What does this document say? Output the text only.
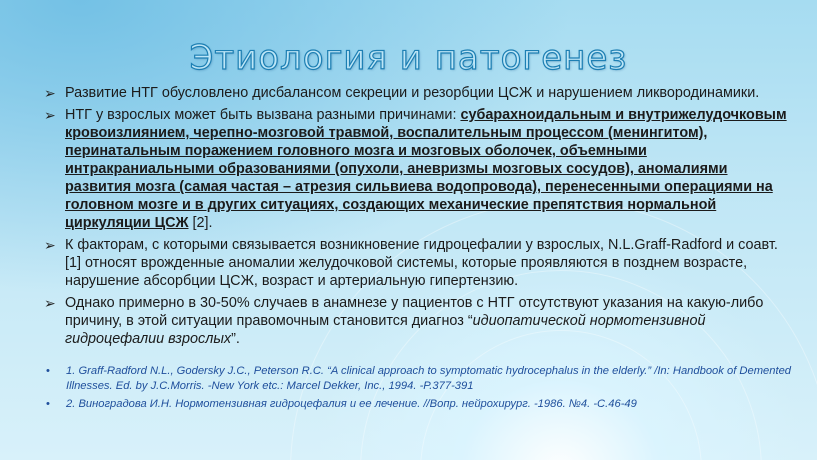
Этиология и патогенез
➢ Развитие НТГ обусловлено дисбалансом секреции и резорбции ЦСЖ и нарушением ликвородинамики.
➢ НТГ у взрослых может быть вызвана разными причинами: субарахноидальным и внутрижелудочковым кровоизлиянием, черепно-мозговой травмой, воспалительным процессом (менингитом), перинатальным поражением головного мозга и мозговых оболочек, объемными интракраниальными образованиями (опухоли, аневризмы мозговых сосудов), аномалиями развития мозга (самая частая – атрезия сильвиева водопровода), перенесенными операциями на головном мозге и в других ситуациях, создающих механические препятствия нормальной циркуляции ЦСЖ [2].
➢ К факторам, с которыми связывается возникновение гидроцефалии у взрослых, N.L.Graff-Radford и соавт. [1] относят врожденные аномалии желудочковой системы, которые проявляются в позднем возрасте, нарушение абсорбции ЦСЖ, возраст и артериальную гипертензию.
➢ Однако примерно в 30-50% случаев в анамнезе у пациентов с НТГ отсутствуют указания на какую-либо причину, в этой ситуации правомочным становится диагноз “идиопатической нормотензивной гидроцефалии взрослых”.
• 1. Graff-Radford N.L., Godersky J.C., Peterson R.C. “A clinical approach to symptomatic hydrocephalus in the elderly.” /In: Handbook of Demented Illnesses. Ed. by J.C.Morris. -New York etc.: Marcel Dekker, Inc., 1994. -P.377-391
• 2. Виноградова И.Н. Нормотензивная гидроцефалия и ее лечение. //Вопр. нейрохирург. -1986. №4. -С.46-49
